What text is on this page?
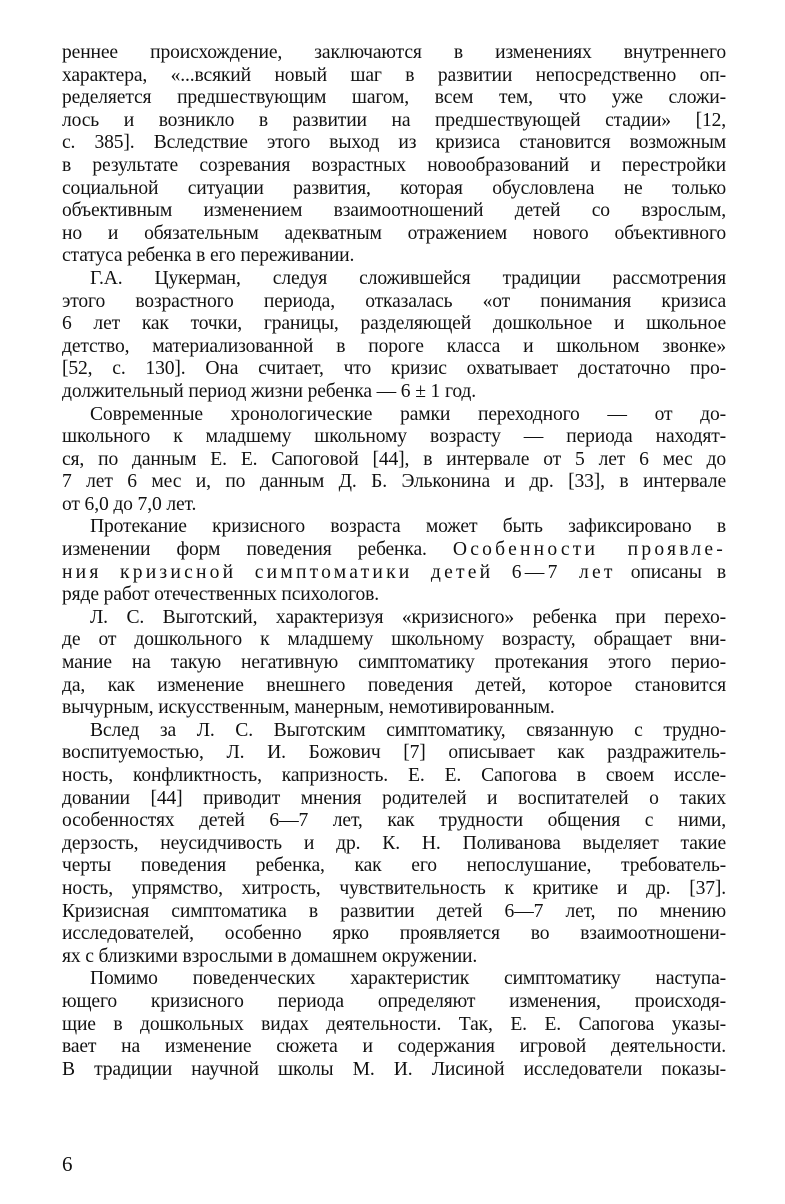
реннее происхождение, заключаются в изменениях внутреннего
характера, «...всякий новый шаг в развитии непосредственно оп-
ределяется предшествующим шагом, всем тем, что уже сложи-
лось и возникло в развитии на предшествующей стадии» [12,
с. 385]. Вследствие этого выход из кризиса становится возможным
в результате созревания возрастных новообразований и перестройки
социальной ситуации развития, которая обусловлена не только
объективным изменением взаимоотношений детей со взрослым,
но и обязательным адекватным отражением нового объективного
статуса ребенка в его переживании.
Г.А. Цукерман, следуя сложившейся традиции рассмотрения
этого возрастного периода, отказалась «от понимания кризиса
6 лет как точки, границы, разделяющей дошкольное и школьное
детство, материализованной в пороге класса и школьном звонке»
[52, с. 130]. Она считает, что кризис охватывает достаточно про-
должительный период жизни ребенка — 6 ± 1 год.
Современные хронологические рамки переходного — от до-
школьного к младшему школьному возрасту — периода находят-
ся, по данным Е. Е. Сапоговой [44], в интервале от 5 лет 6 мес до
7 лет 6 мес и, по данным Д. Б. Эльконина и др. [33], в интервале
от 6,0 до 7,0 лет.
Протекание кризисного возраста может быть зафиксировано в
изменении форм поведения ребенка. Особенности проявле-
ния кризисной симптоматики детей 6—7 лет описаны в
ряде работ отечественных психологов.
Л. С. Выготский, характеризуя «кризисного» ребенка при перехо-
де от дошкольного к младшему школьному возрасту, обращает вни-
мание на такую негативную симптоматику протекания этого перио-
да, как изменение внешнего поведения детей, которое становится
вычурным, искусственным, манерным, немотивированным.
Вслед за Л. С. Выготским симптоматику, связанную с трудно-
воспитуемостью, Л. И. Божович [7] описывает как раздражитель-
ность, конфликтность, капризность. Е. Е. Сапогова в своем иссле-
довании [44] приводит мнения родителей и воспитателей о таких
особенностях детей 6—7 лет, как трудности общения с ними,
дерзость, неусидчивость и др. К. Н. Поливанова выделяет такие
черты поведения ребенка, как его непослушание, требователь-
ность, упрямство, хитрость, чувствительность к критике и др. [37].
Кризисная симптоматика в развитии детей 6—7 лет, по мнению
исследователей, особенно ярко проявляется во взаимоотношени-
ях с близкими взрослыми в домашнем окружении.
Помимо поведенческих характеристик симптоматику наступа-
ющего кризисного периода определяют изменения, происходя-
щие в дошкольных видах деятельности. Так, Е. Е. Сапогова указы-
вает на изменение сюжета и содержания игровой деятельности.
В традиции научной школы М. И. Лисиной исследователи показы-
6
